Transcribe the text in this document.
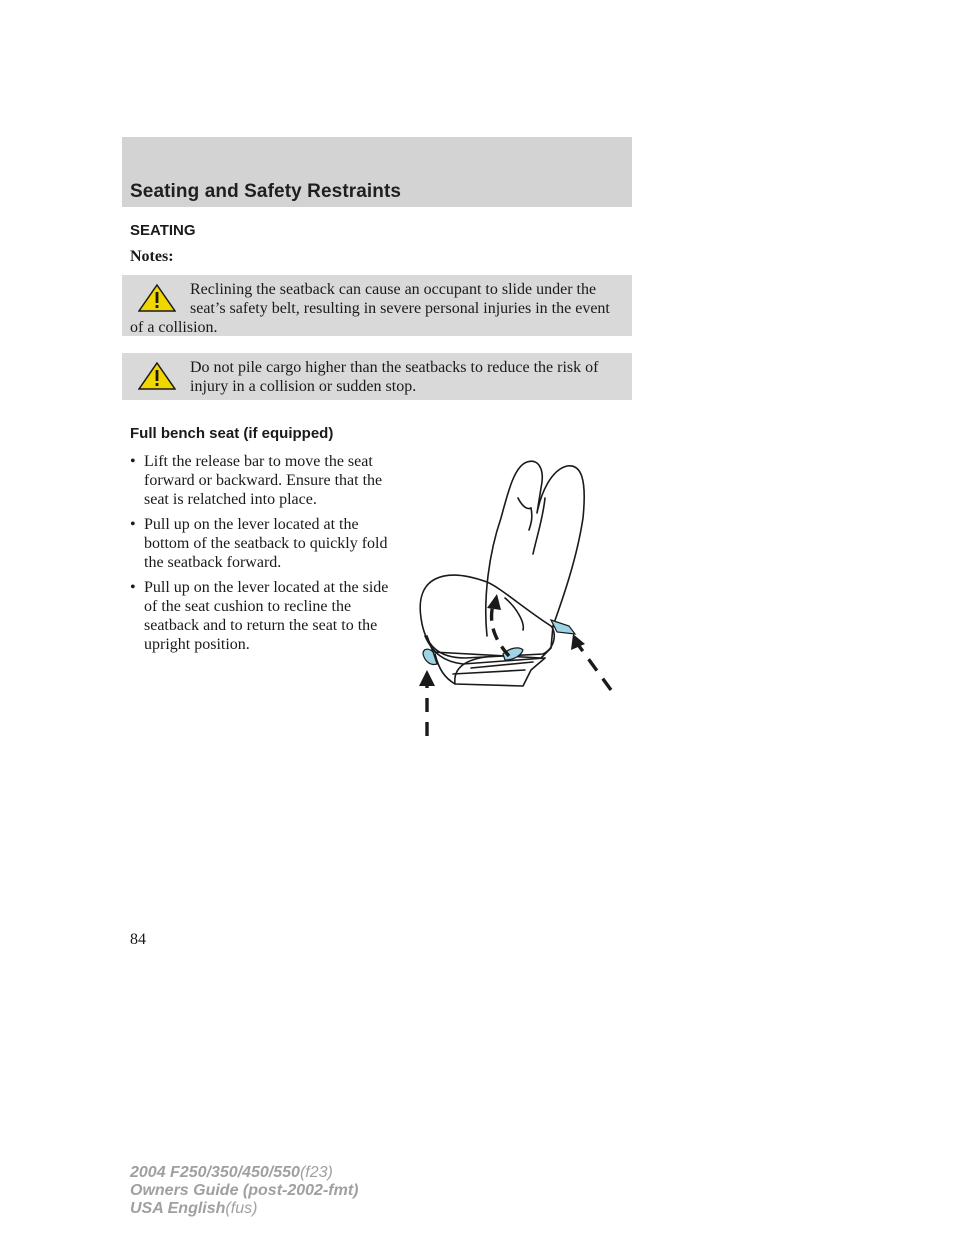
Seating and Safety Restraints
SEATING
Notes:
Reclining the seatback can cause an occupant to slide under the seat’s safety belt, resulting in severe personal injuries in the event of a collision.
Do not pile cargo higher than the seatbacks to reduce the risk of injury in a collision or sudden stop.
Full bench seat (if equipped)
• Lift the release bar to move the seat forward or backward. Ensure that the seat is relatched into place.
• Pull up on the lever located at the bottom of the seatback to quickly fold the seatback forward.
• Pull up on the lever located at the side of the seat cushion to recline the seatback and to return the seat to the upright position.
84
2004 F250/350/450/550(f23)
Owners Guide (post-2002-fmt)
USA English(fus)
